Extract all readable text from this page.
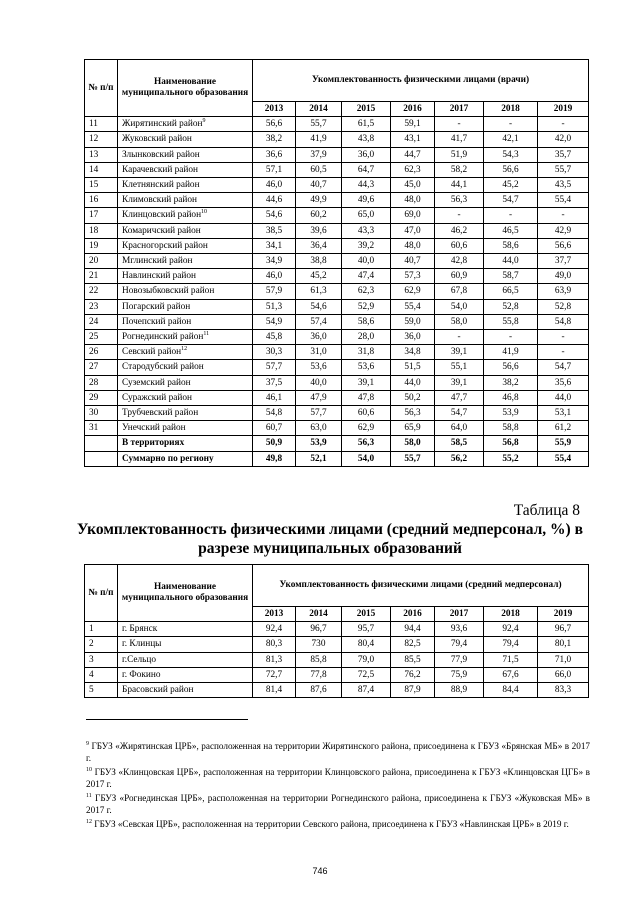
№ п/п	Наименование муниципального образования	Укомплектованность физическими лицами (врачи)						
		2013	2014	2015	2016	2017	2018	2019
11	Жирятинский район$^9$	56,6	55,7	61,5	59,1	-	-	-
12	Жуковский район	38,2	41,9	43,8	43,1	41,7	42,1	42,0
13	Злынковский район	36,6	37,9	36,0	44,7	51,9	54,3	35,7
14	Карачевский район	57,1	60,5	64,7	62,3	58,2	56,6	55,7
15	Клетнянский район	46,0	40,7	44,3	45,0	44,1	45,2	43,5
16	Климовский район	44,6	49,9	49,6	48,0	56,3	54,7	55,4
17	Клинцовский район$^{10}$	54,6	60,2	65,0	69,0	-	-	-
18	Комаричский район	38,5	39,6	43,3	47,0	46,2	46,5	42,9
19	Красногорский район	34,1	36,4	39,2	48,0	60,6	58,6	56,6
20	Мглинский район	34,9	38,8	40,0	40,7	42,8	44,0	37,7
21	Навлинский район	46,0	45,2	47,4	57,3	60,9	58,7	49,0
22	Новозыбковский район	57,9	61,3	62,3	62,9	67,8	66,5	63,9
23	Погарский район	51,3	54,6	52,9	55,4	54,0	52,8	52,8
24	Почепский район	54,9	57,4	58,6	59,0	58,0	55,8	54,8
25	Рогнединский район$^{11}$	45,8	36,0	28,0	36,0	-	-	-
26	Севский район$^{12}$	30,3	31,0	31,8	34,8	39,1	41,9	-
27	Стародубский район	57,7	53,6	53,6	51,5	55,1	56,6	54,7
28	Суземский район	37,5	40,0	39,1	44,0	39,1	38,2	35,6
29	Суражский район	46,1	47,9	47,8	50,2	47,7	46,8	44,0
30	Трубчевский район	54,8	57,7	60,6	56,3	54,7	53,9	53,1
31	Унечский район	60,7	63,0	62,9	65,9	64,0	58,8	61,2
	В территориях	50,9	53,9	56,3	58,0	58,5	56,8	55,9
	Суммарно по региону	49,8	52,1	54,0	55,7	56,2	55,2	55,4
Таблица 8
Укомплектованность физическими лицами (средний медперсонал, %) в разрезе муниципальных образований
№ п/п	Наименование муниципального образования	Укомплектованность физическими лицами (средний медперсонал)						
		2013	2014	2015	2016	2017	2018	2019
1	г. Брянск	92,4	96,7	95,7	94,4	93,6	92,4	96,7
2	г. Клинцы	80,3	730	80,4	82,5	79,4	79,4	80,1
3	г.Сельцо	81,3	85,8	79,0	85,5	77,9	71,5	71,0
4	г. Фокино	72,7	77,8	72,5	76,2	75,9	67,6	66,0
5	Брасовский район	81,4	87,6	87,4	87,9	88,9	84,4	83,3

$^9$ ГБУЗ «Жирятинская ЦРБ», расположенная на территории Жирятинского района, присоединена к ГБУЗ «Брянская МБ» в 2017 г.

$^{10}$ ГБУЗ «Клинцовская ЦРБ», расположенная на территории Клинцовского района, присоединена к ГБУЗ «Клинцовская ЦГБ» в 2017 г.

$^{11}$ ГБУЗ «Рогнединская ЦРБ», расположенная на территории Рогнединского района, присоединена к ГБУЗ «Жуковская МБ» в 2017 г.

$^{12}$ ГБУЗ «Севская ЦРБ», расположенная на территории Севского района, присоединена к ГБУЗ «Навлинская ЦРБ» в 2019 г.

746
